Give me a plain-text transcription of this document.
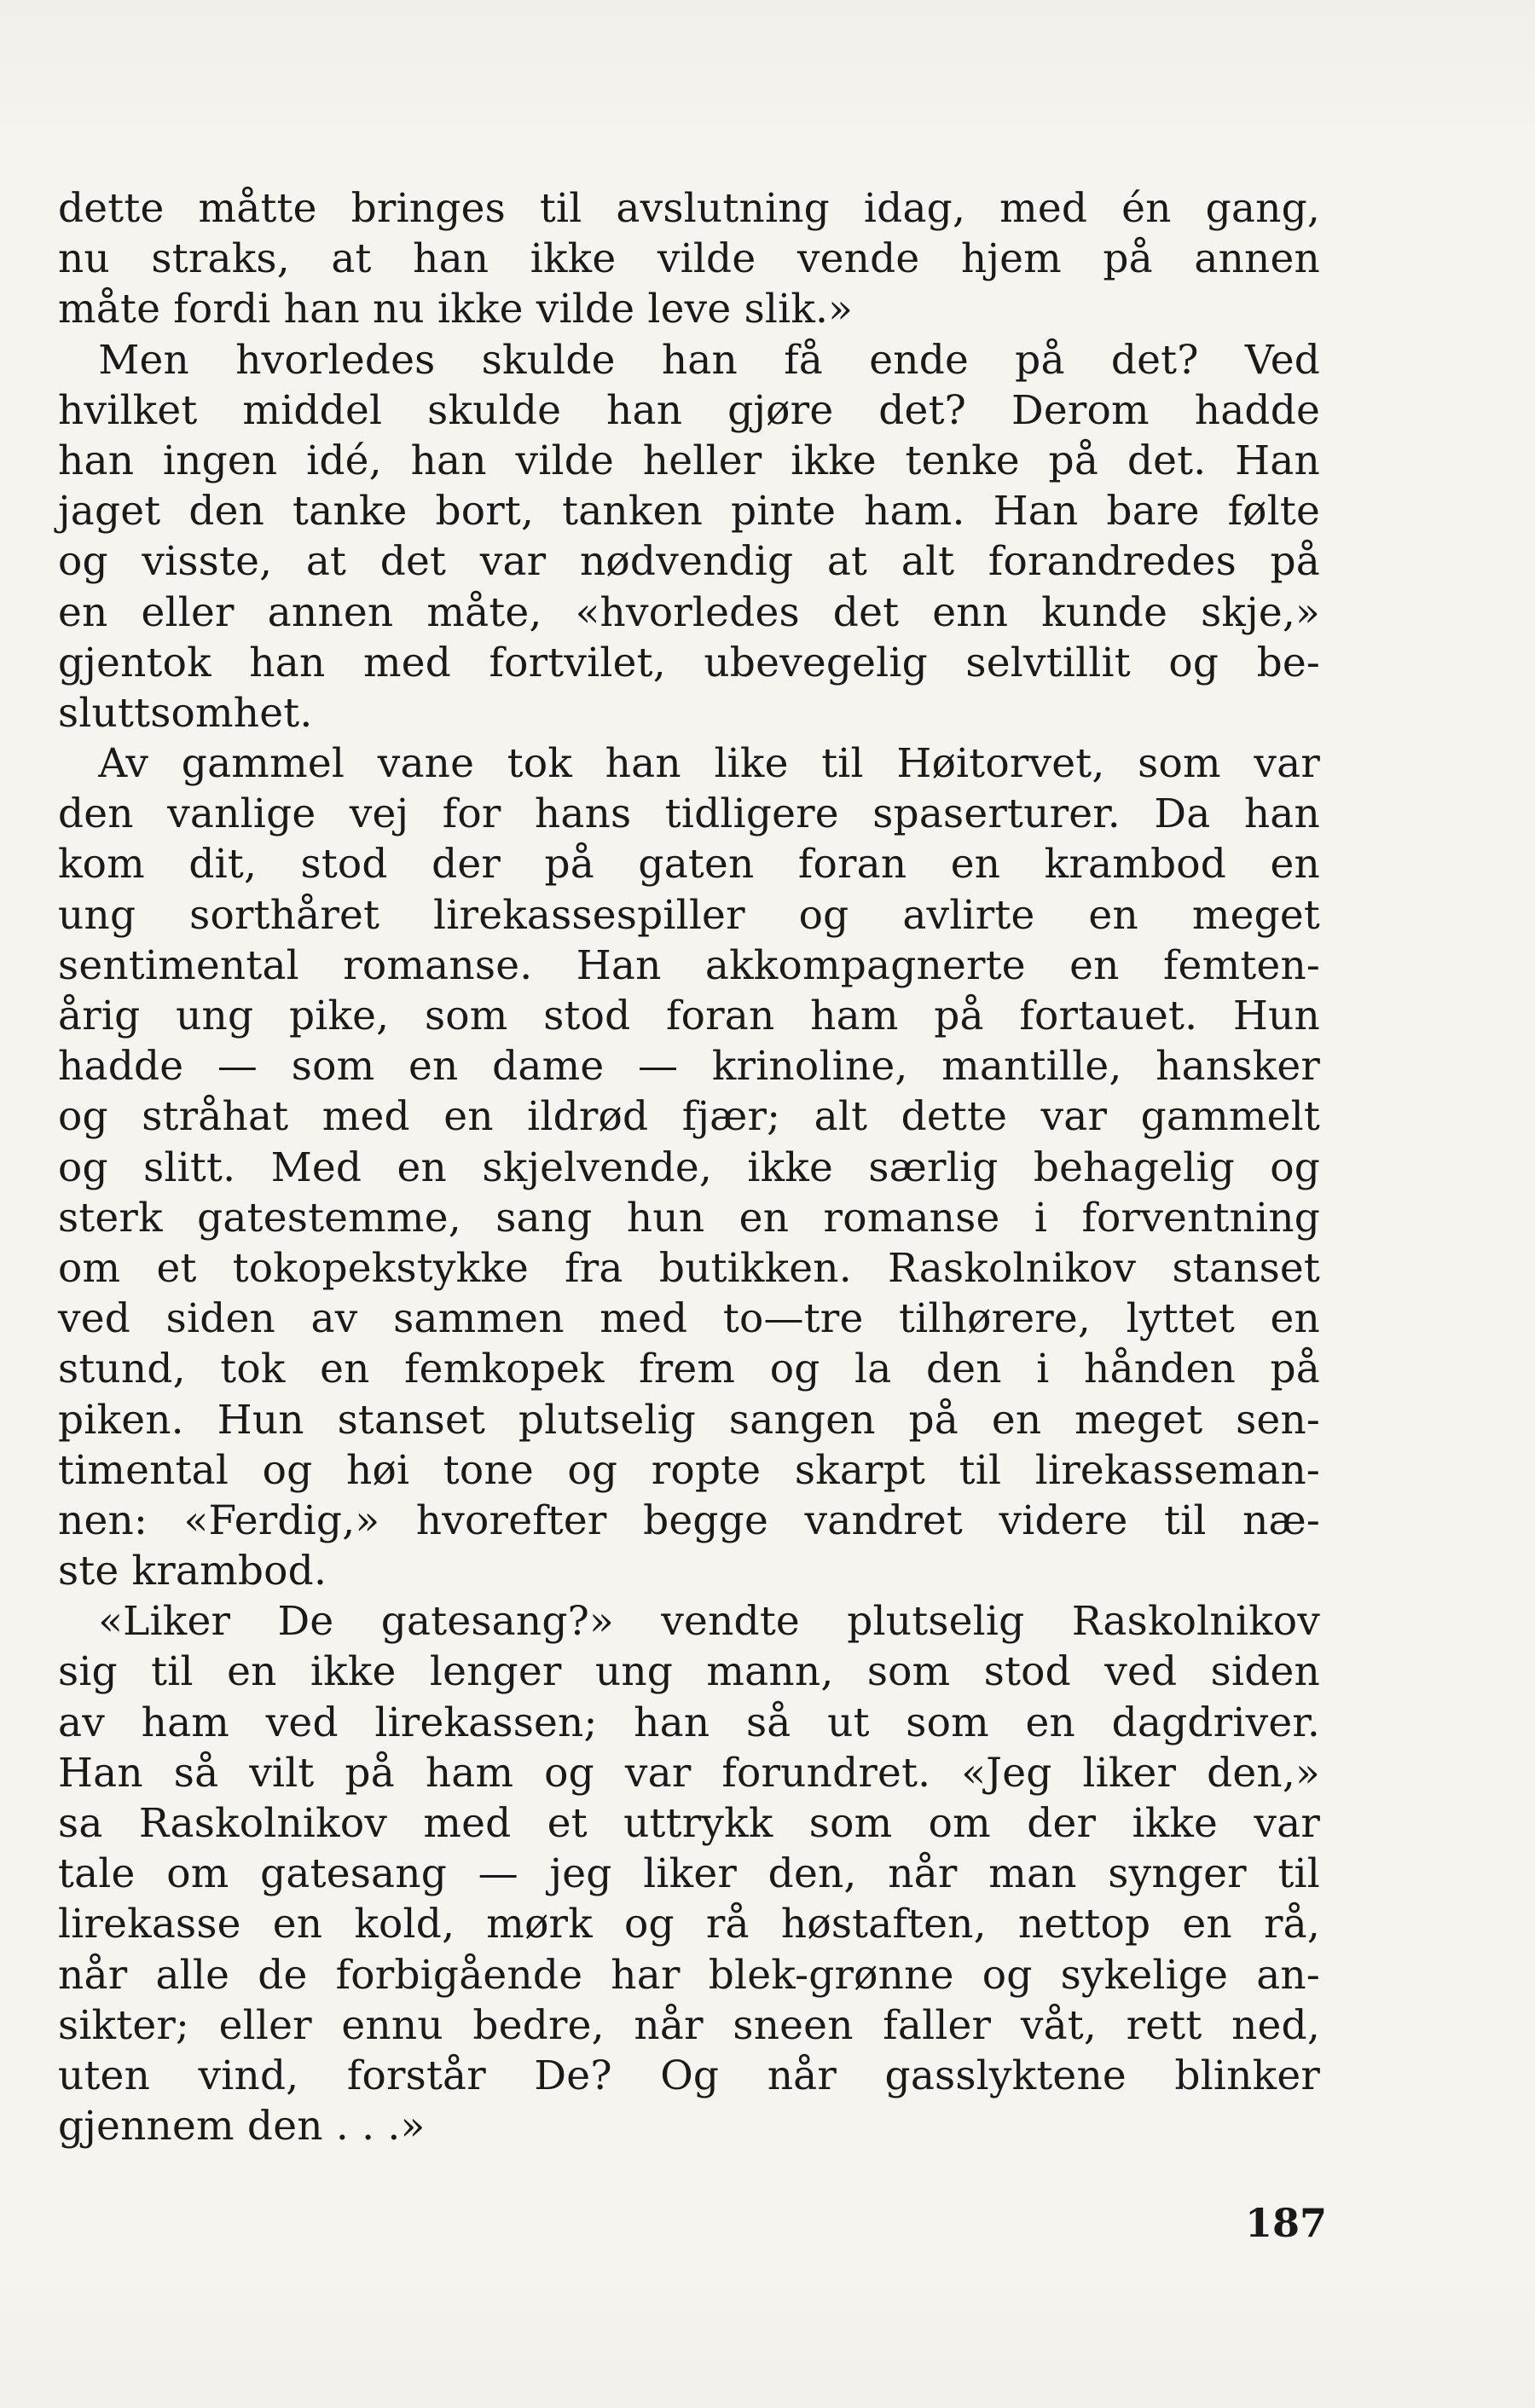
dette måtte bringes til avslutning idag, med én gang,
nu straks, at han ikke vilde vende hjem på annen
måte fordi han nu ikke vilde leve slik.»
 Men hvorledes skulde han få ende på det? Ved
hvilket middel skulde han gjøre det? Derom hadde
han ingen idé, han vilde heller ikke tenke på det. Han
jaget den tanke bort, tanken pinte ham. Han bare følte
og visste, at det var nødvendig at alt forandredes på
en eller annen måte, «hvorledes det enn kunde skje,»
gjentok han med fortvilet, ubevegelig selvtillit og be-
sluttsomhet.
 Av gammel vane tok han like til Høitorvet, som var
den vanlige vej for hans tidligere spaserturer. Da han
kom dit, stod der på gaten foran en krambod en
ung sorthåret lirekassespiller og avlirte en meget
sentimental romanse. Han akkompagnerte en femten-
årig ung pike, som stod foran ham på fortauet. Hun
hadde — som en dame — krinoline, mantille, hansker
og stråhat med en ildrød fjær; alt dette var gammelt
og slitt. Med en skjelvende, ikke særlig behagelig og
sterk gatestemme, sang hun en romanse i forventning
om et tokopekstykke fra butikken. Raskolnikov stanset
ved siden av sammen med to—tre tilhørere, lyttet en
stund, tok en femkopek frem og la den i hånden på
piken. Hun stanset plutselig sangen på en meget sen-
timental og høi tone og ropte skarpt til lirekasseman-
nen: «Ferdig,» hvorefter begge vandret videre til næ-
ste krambod.
 «Liker De gatesang?» vendte plutselig Raskolnikov
sig til en ikke lenger ung mann, som stod ved siden
av ham ved lirekassen; han så ut som en dagdriver.
Han så vilt på ham og var forundret. «Jeg liker den,»
sa Raskolnikov med et uttrykk som om der ikke var
tale om gatesang — jeg liker den, når man synger til
lirekasse en kold, mørk og rå høstaften, nettop en rå,
når alle de forbigående har blek-grønne og sykelige an-
sikter; eller ennu bedre, når sneen faller våt, rett ned,
uten vind, forstår De? Og når gasslyktene blinker
gjennem den . . .»
187
